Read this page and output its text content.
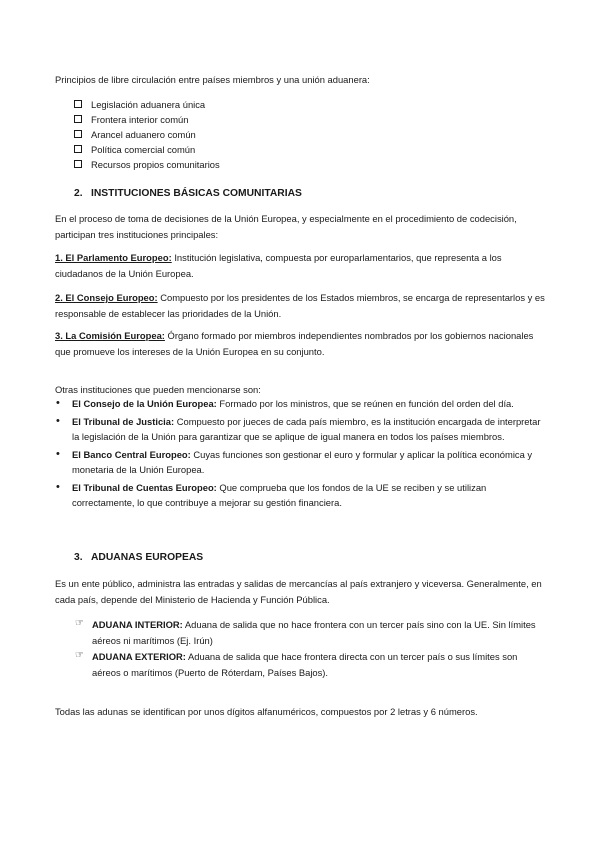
Principios de libre circulación entre países miembros y una unión aduanera:

Legislación aduanera única
Frontera interior común
Arancel aduanero común
Política comercial común
Recursos propios comunitarios
2. INSTITUCIONES BÁSICAS COMUNITARIAS

En el proceso de toma de decisiones de la Unión Europea, y especialmente en el procedimiento de codecisión, participan tres instituciones principales:

1. El Parlamento Europeo: Institución legislativa, compuesta por europarlamentarios, que representa a los ciudadanos de la Unión Europea.

2. El Consejo Europeo: Compuesto por los presidentes de los Estados miembros, se encarga de representarlos y es responsable de establecer las prioridades de la Unión.

3. La Comisión Europea: Órgano formado por miembros independientes nombrados por los gobiernos nacionales que promueve los intereses de la Unión Europea en su conjunto.

Otras instituciones que pueden mencionarse son:

• El Consejo de la Unión Europea: Formado por los ministros, que se reúnen en función del orden del día.
• El Tribunal de Justicia: Compuesto por jueces de cada país miembro, es la institución encargada de interpretar la legislación de la Unión para garantizar que se aplique de igual manera en todos los países miembros.
• El Banco Central Europeo: Cuyas funciones son gestionar el euro y formular y aplicar la política económica y monetaria de la Unión Europea.
• El Tribunal de Cuentas Europeo: Que comprueba que los fondos de la UE se reciben y se utilizan correctamente, lo que contribuye a mejorar su gestión financiera.
3. ADUANAS EUROPEAS

Es un ente público, administra las entradas y salidas de mercancías al país extranjero y viceversa. Generalmente, en cada país, depende del Ministerio de Hacienda y Función Pública.

☞ ADUANA INTERIOR: Aduana de salida que no hace frontera con un tercer país sino con la UE. Sin límites aéreos ni marítimos (Ej. Irún)
☞ ADUANA EXTERIOR: Aduana de salida que hace frontera directa con un tercer país o sus límites son aéreos o marítimos (Puerto de Róterdam, Países Bajos).

Todas las adunas se identifican por unos dígitos alfanuméricos, compuestos por 2 letras y 6 números.
